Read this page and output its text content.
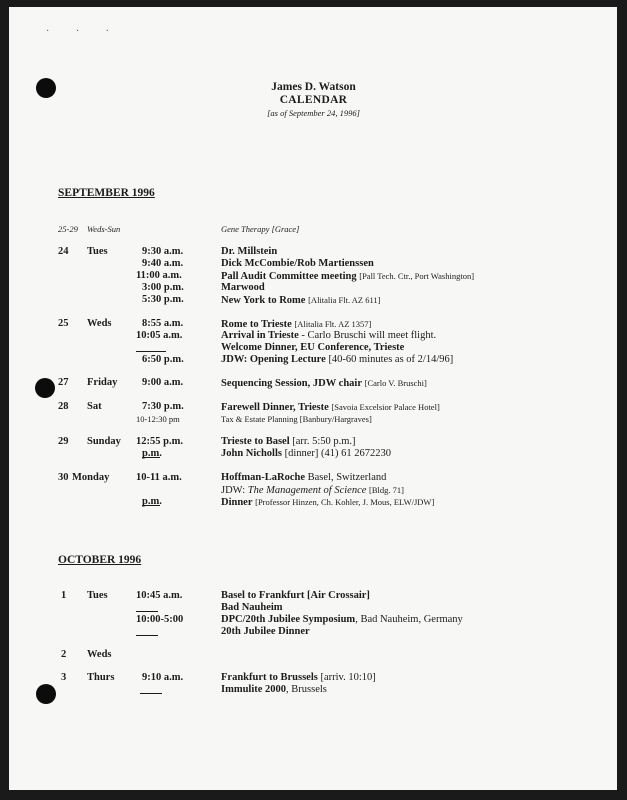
· · ·
James D. Watson
CALENDAR
[as of September 24, 1996]
SEPTEMBER 1996
25-29 Weds-Sun	Gene Therapy [Grace]
24 Tues	9:30 a.m.	Dr. Millstein
9:40 a.m.	Dick McCombie/Rob Martienssen
11:00 a.m.	Pall Audit Committee meeting [Pall Tech. Ctr., Port Washington]
3:00 p.m.	Marwood
5:30 p.m.	New York to Rome [Alitalia Flt. AZ 611]
25 Weds	8:55 a.m.	Rome to Trieste [Alitalia Flt. AZ 1357]
10:05 a.m.	Arrival in Trieste - Carlo Bruschi will meet flight.
Welcome Dinner, EU Conference, Trieste
6:50 p.m.	JDW: Opening Lecture [40-60 minutes as of 2/14/96]
27 Friday 9:00 a.m.	Sequencing Session, JDW chair [Carlo V. Bruschi]
28 Sat	7:30 p.m.	Farewell Dinner, Trieste [Savoia Excelsior Palace Hotel]
10-12:30 pm	Tax & Estate Planning [Banbury/Hargraves]
29 Sunday 12:55 p.m.	Trieste to Basel [arr. 5:50 p.m.]
p.m.	John Nicholls [dinner] (41) 61 2672230
30 Monday	10-11 a.m.	Hoffman-LaRoche Basel, Switzerland
JDW: The Management of Science [Bldg. 71]
p.m.	Dinner [Professor Hinzen, Ch. Kohler, J. Mous, ELW/JDW]
OCTOBER 1996
1 Tues	10:45 a.m.	Basel to Frankfurt [Air Crossair]
Bad Nauheim
10:00-5:00	DPC/20th Jubilee Symposium, Bad Nauheim, Germany
20th Jubilee Dinner
2 Weds
3 Thurs	9:10 a.m.	Frankfurt to Brussels [arriv. 10:10]
Immulite 2000, Brussels
